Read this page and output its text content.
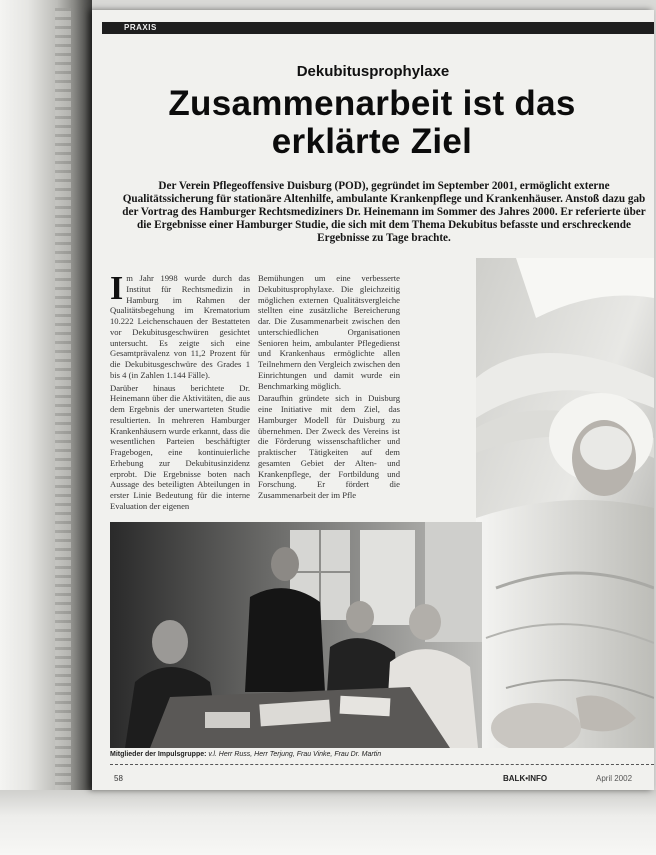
PRAXIS
Dekubitusprophylaxe
Zusammenarbeit ist das
erklärte Ziel
Der Verein Pflegeoffensive Duisburg (POD), gegründet im September 2001, ermöglicht externe Qualitätssicherung für stationäre Altenhilfe, ambulante Krankenpflege und Krankenhäuser. Anstoß dazu gab der Vortrag des Hamburger Rechtsmediziners Dr. Heinemann im Sommer des Jahres 2000. Er referierte über die Ergebnisse einer Hamburger Studie, die sich mit dem Thema Dekubitus befasste und erschreckende Ergebnisse zu Tage brachte.

Im Jahr 1998 wurde durch das Institut für Rechtsmedizin in Hamburg im Rahmen der Qualitätsbegehung im Krematorium 10.222 Leichenschauen der Bestatteten vor Dekubitusgeschwüren gesichtet untersucht. Es zeigte sich eine Gesamtprävalenz von 11,2 Prozent für die Dekubitusgeschwüre des Grades 1 bis 4 (in Zahlen 1.144 Fälle).

Darüber hinaus berichtete Dr. Heinemann über die Aktivitäten, die aus dem Ergebnis der unerwarteten Studie resultierten. In mehreren Hamburger Krankenhäusern wurde erkannt, dass die wesentlichen Parteien beschäftigter Fragebogen, eine kontinuierliche Erhebung zur Dekubitusinzidenz erprobt. Die Ergebnisse boten nach Aussage des beteiligten Abteilungen in erster Linie Bedeutung für die interne Evaluation der eigenen

Bemühungen um eine verbesserte Dekubitusprophylaxe. Die gleichzeitig möglichen externen Qualitätsvergleiche stellten eine zusätzliche Bereicherung dar. Die Zusammenarbeit zwischen den unterschiedlichen Organisationen Senioren heim, ambulanter Pflegedienst und Krankenhaus ermöglichte allen Teilnehmern den Vergleich zwischen den Einrichtungen und damit wurde ein Benchmarking möglich.

Daraufhin gründete sich in Duisburg eine Initiative mit dem Ziel, das Hamburger Modell für Duisburg zu übernehmen. Der Zweck des Vereins ist die Förderung wissenschaftlicher und praktischer Tätigkeiten auf dem gesamten Gebiet der Alten- und Krankenpflege, der Fortbildung und Forschung. Er fördert die Zusammenarbeit der im Pfle

Mitglieder der Impulsgruppe: v.l. Herr Russ, Herr Terjung, Frau Vinke, Frau Dr. Martin
58	BALK•INFO	April 2002
